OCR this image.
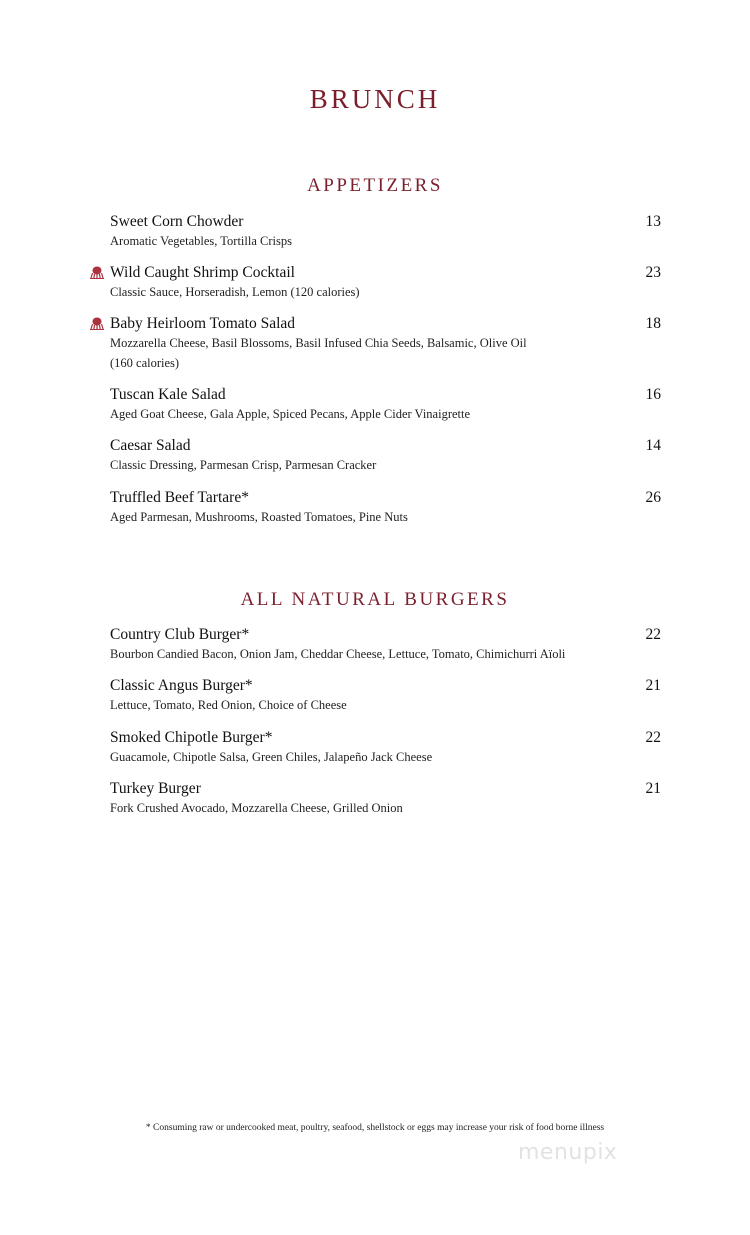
BRUNCH
APPETIZERS
Sweet Corn Chowder
Aromatic Vegetables, Tortilla Crisps
13
Wild Caught Shrimp Cocktail
Classic Sauce, Horseradish, Lemon (120 calories)
23
Baby Heirloom Tomato Salad
Mozzarella Cheese, Basil Blossoms, Basil Infused Chia Seeds, Balsamic, Olive Oil (160 calories)
18
Tuscan Kale Salad
Aged Goat Cheese, Gala Apple, Spiced Pecans, Apple Cider Vinaigrette
16
Caesar Salad
Classic Dressing, Parmesan Crisp, Parmesan Cracker
14
Truffled Beef Tartare*
Aged Parmesan, Mushrooms, Roasted Tomatoes, Pine Nuts
26
ALL NATURAL BURGERS
Country Club Burger*
Bourbon Candied Bacon, Onion Jam, Cheddar Cheese, Lettuce, Tomato, Chimichurri Aïoli
22
Classic Angus Burger*
Lettuce, Tomato, Red Onion, Choice of Cheese
21
Smoked Chipotle Burger*
Guacamole, Chipotle Salsa, Green Chiles, Jalapeño Jack Cheese
22
Turkey Burger
Fork Crushed Avocado, Mozzarella Cheese, Grilled Onion
21
* Consuming raw or undercooked meat, poultry, seafood, shellstock or eggs may increase your risk of food borne illness
menupix
